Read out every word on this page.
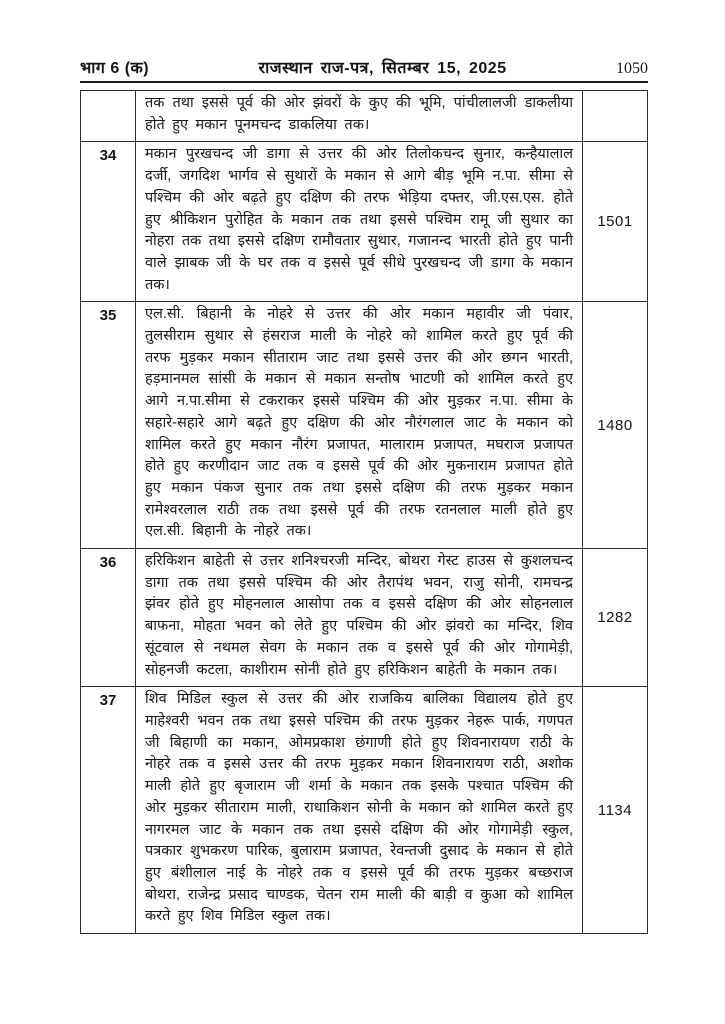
भाग 6 (क)	राजस्थान राज-पत्र, सितम्बर 15, 2025	1050
	तक तथा इससे पूर्व की ओर झंवरों के कुए की भूमि, पांचीलालजी डाकलीया होते हुए मकान पूनमचन्द डाकलिया तक।	
34	मकान पुरखचन्द जी डागा से उत्तर की ओर तिलोकचन्द सुनार, कन्हैयालाल दर्जी, जगदिश भार्गव से सुथारों के मकान से आगे बीड़ भूमि न.पा. सीमा से पश्चिम की ओर बढ़ते हुए दक्षिण की तरफ भेड़िया दफ्तर, जी.एस.एस. होते हुए श्रीकिशन पुरोहित के मकान तक तथा इससे पश्चिम रामू जी सुथार का नोहरा तक तथा इससे दक्षिण रामौवतार सुथार, गजानन्द भारती होते हुए पानी वाले झाबक जी के घर तक व इससे पूर्व सीधे पुरखचन्द जी डागा के मकान तक।	1501
35	एल.सी. बिहानी के नोहरे से उत्तर की ओर मकान महावीर जी पंवार, तुलसीराम सुथार से हंसराज माली के नोहरे को शामिल करते हुए पूर्व की तरफ मुड़कर मकान सीताराम जाट तथा इससे उत्तर की ओर छगन भारती, हड़मानमल सांसी के मकान से मकान सन्तोष भाटणी को शामिल करते हुए आगे न.पा.सीमा से टकराकर इससे पश्चिम की ओर मुड़कर न.पा. सीमा के सहारे-सहारे आगे बढ़ते हुए दक्षिण की ओर नौरंगलाल जाट के मकान को शामिल करते हुए मकान नौरंग प्रजापत, मालाराम प्रजापत, मघराज प्रजापत होते हुए करणीदान जाट तक व इससे पूर्व की ओर मुकनाराम प्रजापत होते हुए मकान पंकज सुनार तक तथा इससे दक्षिण की तरफ मुड़कर मकान रामेश्वरलाल राठी तक तथा इससे पूर्व की तरफ रतनलाल माली होते हुए एल.सी. बिहानी के नोहरे तक।	1480
36	हरिकिशन बाहेती से उत्तर शनिश्चरजी मन्दिर, बोथरा गेस्ट हाउस से कुशलचन्द डागा तक तथा इससे पश्चिम की ओर तैरापंथ भवन, राजु सोनी, रामचन्द्र झंवर होते हुए मोहनलाल आसोपा तक व इससे दक्षिण की ओर सोहनलाल बाफना, मोहता भवन को लेते हुए पश्चिम की ओर झंवरो का मन्दिर, शिव सूंटवाल से नथमल सेवग के मकान तक व इससे पूर्व की ओर गोगामेड़ी, सोहनजी कटला, काशीराम सोनी होते हुए हरिकिशन बाहेती के मकान तक।	1282
37	शिव मिडिल स्कुल से उत्तर की ओर राजकिय बालिका विद्यालय होते हुए माहेश्वरी भवन तक तथा इससे पश्चिम की तरफ मुड़कर नेहरू पार्क, गणपत जी बिहाणी का मकान, ओमप्रकाश छंगाणी होते हुए शिवनारायण राठी के नोहरे तक व इससे उत्तर की तरफ मुड़कर मकान शिवनारायण राठी, अशोक माली होते हुए बृजाराम जी शर्मा के मकान तक इसके पश्चात पश्चिम की ओर मुड़कर सीताराम माली, राधाकिशन सोनी के मकान को शामिल करते हुए नागरमल जाट के मकान तक तथा इससे दक्षिण की ओर गोगामेड़ी स्कुल, पत्रकार शुभकरण पारिक, बुलाराम प्रजापत, रेवन्तजी दुसाद के मकान से होते हुए बंशीलाल नाई के नोहरे तक व इससे पूर्व की तरफ मुड़कर बच्छराज बोथरा, राजेन्द्र प्रसाद चाण्डक, चेतन राम माली की बाड़ी व कुआ को शामिल करते हुए शिव मिडिल स्कुल तक।	1134
